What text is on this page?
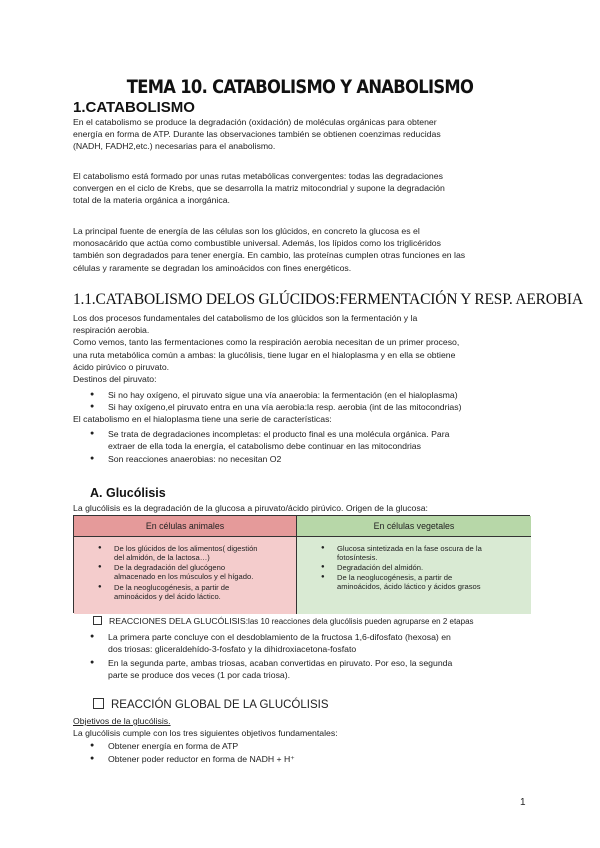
TEMA 10. CATABOLISMO Y ANABOLISMO
1.CATABOLISMO
En el catabolismo se produce la degradación (oxidación) de moléculas orgánicas para obtener
energía en forma de ATP. Durante las observaciones también se obtienen coenzimas reducidas
(NADH, FADH2,etc.) necesarias para el anabolismo.
El catabolismo está formado por unas rutas metabólicas convergentes: todas las degradaciones
convergen en el ciclo de Krebs, que se desarrolla la matriz mitocondrial y supone la degradación
total de la materia orgánica a inorgánica.
La principal fuente de energía de las células son los glúcidos, en concreto la glucosa es el
monosacárido que actúa como combustible universal. Además, los lípidos como los triglicéridos
también son degradados para tener energía. En cambio, las proteínas cumplen otras funciones en las
células y raramente se degradan los aminoácidos con fines energéticos.
1.1.CATABOLISMO DELOS GLÚCIDOS:FERMENTACIÓN Y RESP. AEROBIA
Los dos procesos fundamentales del catabolismo de los glúcidos son la fermentación y la
respiración aerobia.
Como vemos, tanto las fermentaciones como la respiración aerobia necesitan de un primer proceso,
una ruta metabólica común a ambas: la glucólisis, tiene lugar en el hialoplasma y en ella se obtiene
ácido pirúvico o piruvato.
Destinos del piruvato:
● Si no hay oxígeno, el piruvato sigue una vía anaerobia: la fermentación (en el hialoplasma)
● Si hay oxígeno,el piruvato entra en una vía aerobia:la resp. aerobia (int de las mitocondrias)
El catabolismo en el hialoplasma tiene una serie de características:
● Se trata de degradaciones incompletas: el producto final es una molécula orgánica. Para
extraer de ella toda la energía, el catabolismo debe continuar en las mitocondrias
● Son reacciones anaerobias: no necesitan O2
A. Glucólisis
La glucólisis es la degradación de la glucosa a piruvato/ácido pirúvico. Origen de la glucosa:
En células animales	En células vegetales
● De los glúcidos de los alimentos( digestión
del almidón, de la lactosa…)
● De la degradación del glucógeno
almacenado en los músculos y el hígado.
● De la neoglucogénesis, a partir de
aminoácidos y del ácido láctico.
● Glucosa sintetizada en la fase oscura de la
fotosíntesis.
● Degradación del almidón.
● De la neoglucogénesis, a partir de
aminoácidos, ácido láctico y ácidos grasos
REACCIONES DELA GLUCÓLISIS:las 10 reacciones dela glucólisis pueden agruparse en 2 etapas
● La primera parte concluye con el desdoblamiento de la fructosa 1,6-difosfato (hexosa) en
dos triosas: gliceraldehído-3-fosfato y la dihidroxiacetona-fosfato
● En la segunda parte, ambas triosas, acaban convertidas en piruvato. Por eso, la segunda
parte se produce dos veces (1 por cada triosa).
REACCIÓN GLOBAL DE LA GLUCÓLISIS
Objetivos de la glucólisis.
La glucólisis cumple con los tres siguientes objetivos fundamentales:
● Obtener energía en forma de ATP
● Obtener poder reductor en forma de NADH + H⁺
1
